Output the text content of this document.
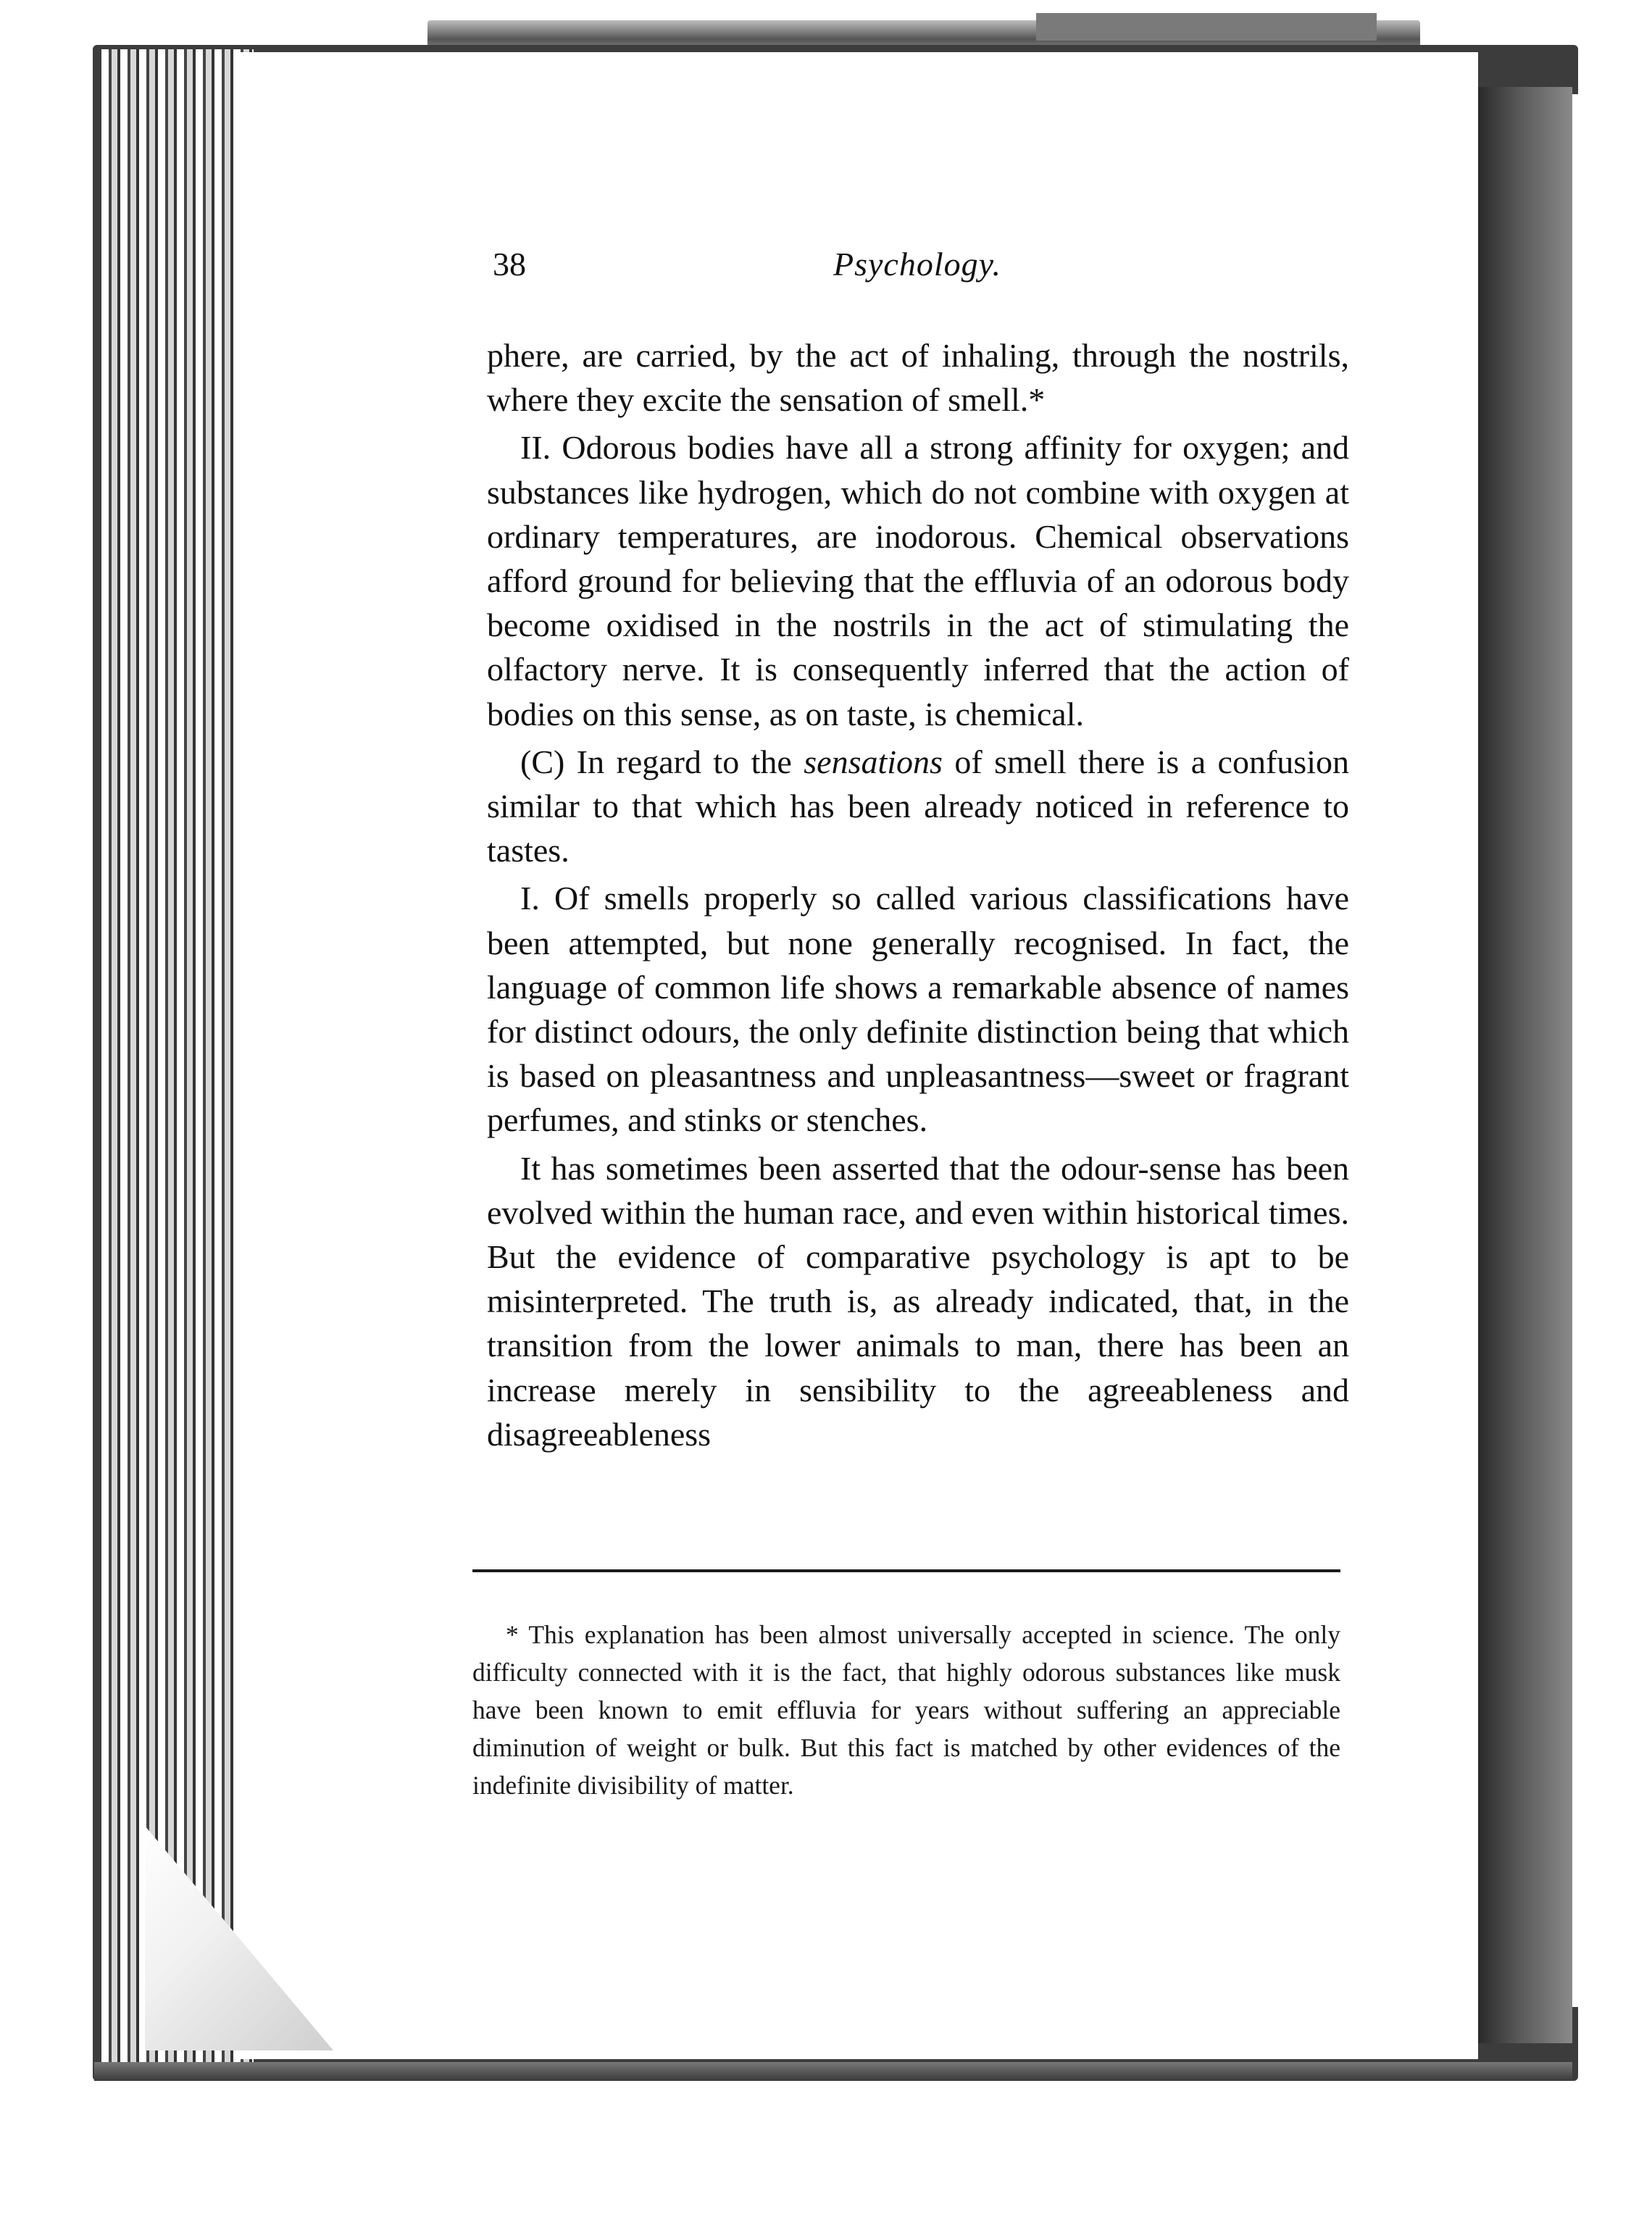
38	Psychology.

phere, are carried, by the act of inhaling, through the nostrils, where they excite the sensation of smell.*

II. Odorous bodies have all a strong affinity for oxygen; and substances like hydrogen, which do not combine with oxygen at ordinary temperatures, are inodorous. Chemical observations afford ground for believing that the effluvia of an odorous body become oxidised in the nostrils in the act of stimulating the olfactory nerve. It is consequently inferred that the action of bodies on this sense, as on taste, is chemical.

(C) In regard to the sensations of smell there is a confusion similar to that which has been already noticed in reference to tastes.

I. Of smells properly so called various classifications have been attempted, but none generally recognised. In fact, the language of common life shows a remarkable absence of names for distinct odours, the only definite distinction being that which is based on pleasantness and unpleasantness—sweet or fragrant perfumes, and stinks or stenches.

It has sometimes been asserted that the odour-sense has been evolved within the human race, and even within historical times. But the evidence of comparative psychology is apt to be misinterpreted. The truth is, as already indicated, that, in the transition from the lower animals to man, there has been an increase merely in sensibility to the agreeableness and disagreeableness

* This explanation has been almost universally accepted in science. The only difficulty connected with it is the fact, that highly odorous substances like musk have been known to emit effluvia for years without suffering an appreciable diminution of weight or bulk. But this fact is matched by other evidences of the indefinite divisibility of matter.
